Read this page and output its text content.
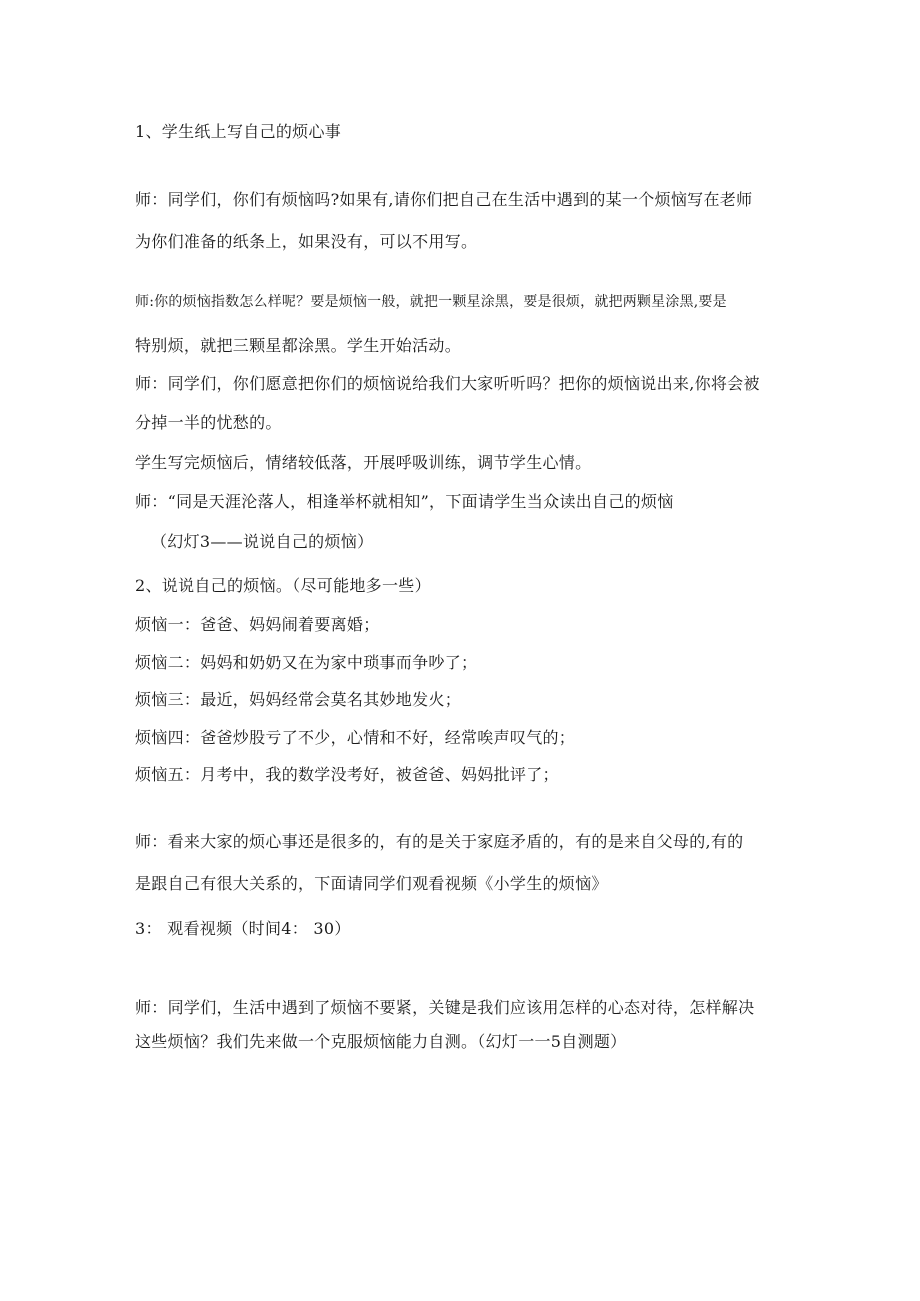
1、学生纸上写自己的烦心事
师：同学们，你们有烦恼吗?如果有,请你们把自己在生活中遇到的某一个烦恼写在老师
为你们准备的纸条上，如果没有，可以不用写。
师:你的烦恼指数怎么样呢？要是烦恼一般，就把一颗星涂黑，要是很烦，就把两颗星涂黑,要是
特别烦，就把三颗星都涂黑。学生开始活动。
师：同学们，你们愿意把你们的烦恼说给我们大家听听吗？把你的烦恼说出来,你将会被
分掉一半的忧愁的。
学生写完烦恼后，情绪较低落，开展呼吸训练，调节学生心情。
师：“同是天涯沦落人，相逢举杯就相知”，下面请学生当众读出自己的烦恼
（幻灯3——说说自己的烦恼）
2、说说自己的烦恼。（尽可能地多一些）
烦恼一：爸爸、妈妈闹着要离婚；
烦恼二：妈妈和奶奶又在为家中琐事而争吵了；
烦恼三：最近，妈妈经常会莫名其妙地发火；
烦恼四：爸爸炒股亏了不少，心情和不好，经常唉声叹气的；
烦恼五：月考中，我的数学没考好，被爸爸、妈妈批评了；
师：看来大家的烦心事还是很多的，有的是关于家庭矛盾的，有的是来自父母的,有的
是跟自己有很大关系的，下面请同学们观看视频《小学生的烦恼》
3： 观看视频（时间4： 30）
师：同学们，生活中遇到了烦恼不要紧，关键是我们应该用怎样的心态对待，怎样解决
这些烦恼？我们先来做一个克服烦恼能力自测。（幻灯一一5自测题）
